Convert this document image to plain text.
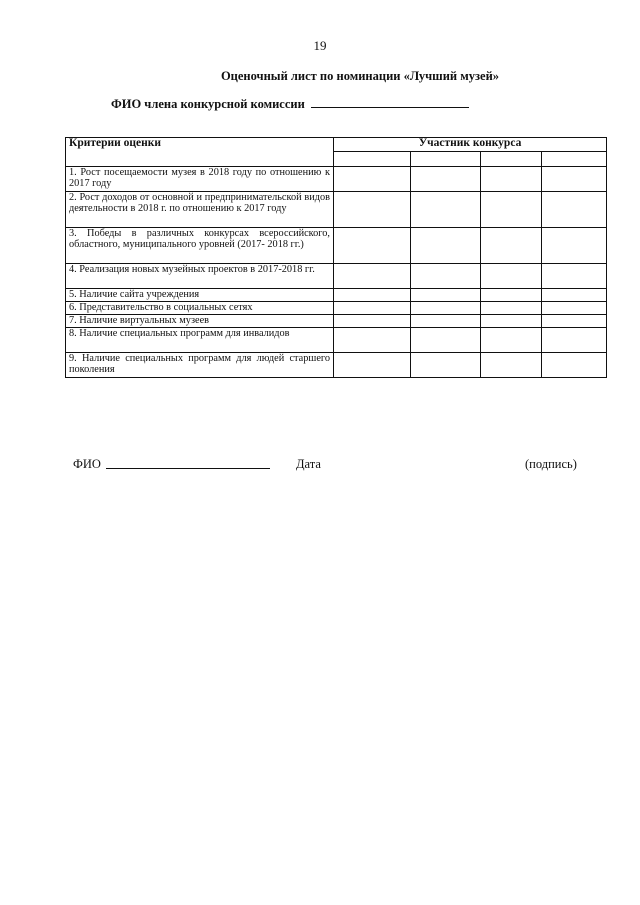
19
Оценочный лист по номинации «Лучший музей»
ФИО члена конкурсной комиссии
Критерии оценки	Участник конкурса			

1. Рост посещаемости музея в 2018 году по отношению к 2017 году				
2. Рост доходов от основной и предпринимательской видов деятельности в 2018 г. по отношению к 2017 году				
3. Победы в различных конкурсах всероссийского, областного, муниципального уровней (2017- 2018 гг.)				
4. Реализация новых музейных проектов в 2017-2018 гг.				
5. Наличие сайта учреждения				
6. Представительство в социальных сетях				
7. Наличие виртуальных музеев				
8. Наличие специальных программ для инвалидов				
9. Наличие специальных программ для людей старшего поколения				
ФИО	Дата	(подпись)
